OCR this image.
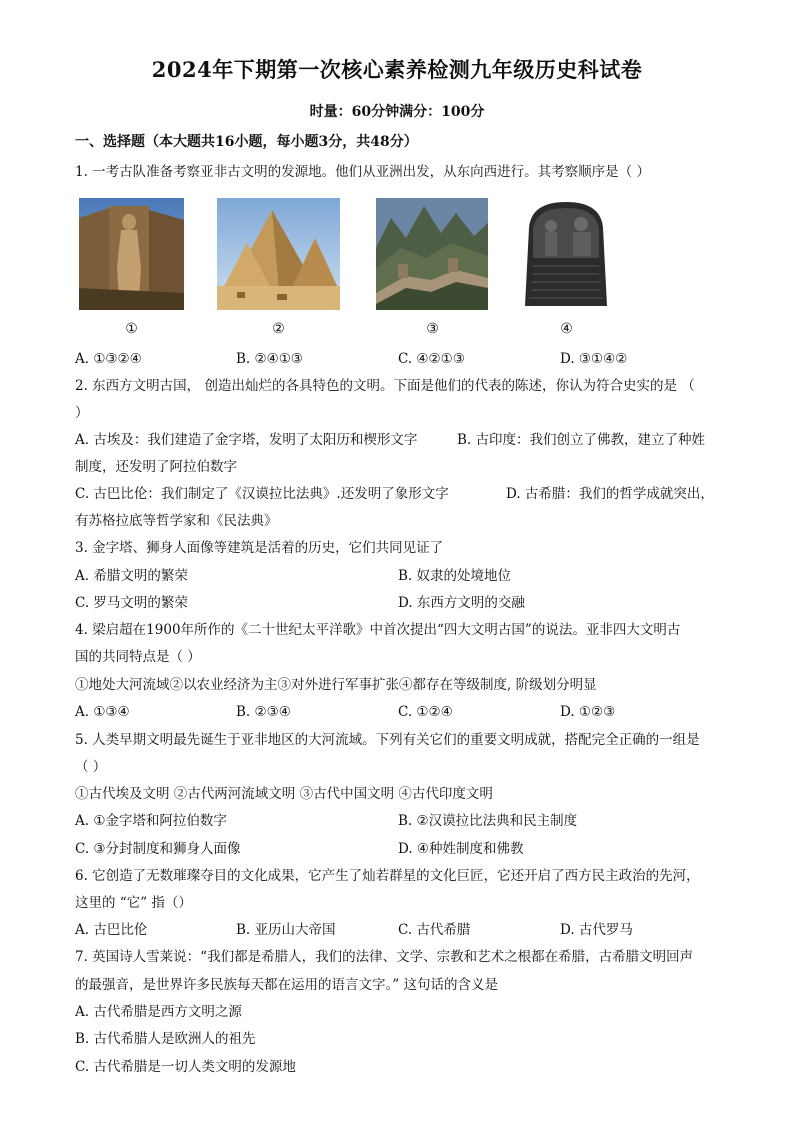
2024年下期第一次核心素养检测九年级历史科试卷
时量：60分钟满分：100分
一、选择题（本大题共16小题，每小题3分，共48分）
1. 一考古队准备考察亚非古文明的发源地。他们从亚洲出发，从东向西进行。其考察顺序是（ ）
①	②	③	④
A. ①③②④	B. ②④①③	C. ④②①③	D. ③①④②
2. 东西方文明古国， 创造出灿烂的各具特色的文明。下面是他们的代表的陈述，你认为符合史实的是 （
）
A. 古埃及：我们建造了金字塔，发明了太阳历和楔形文字	B. 古印度：我们创立了佛教，建立了种姓
制度，还发明了阿拉伯数字
C. 古巴比伦：我们制定了《汉谟拉比法典》.还发明了象形文字	D. 古希腊：我们的哲学成就突出，
有苏格拉底等哲学家和《民法典》
3. 金字塔、狮身人面像等建筑是活着的历史，它们共同见证了
A. 希腊文明的繁荣	B. 奴隶的处境地位
C. 罗马文明的繁荣	D. 东西方文明的交融
4. 梁启超在1900年所作的《二十世纪太平洋歌》中首次提出“四大文明古国”的说法。亚非四大文明古
国的共同特点是（ ）
①地处大河流域②以农业经济为主③对外进行军事扩张④都存在等级制度, 阶级划分明显
A. ①③④	B. ②③④	C. ①②④	D. ①②③
5. 人类早期文明最先诞生于亚非地区的大河流域。下列有关它们的重要文明成就，搭配完全正确的一组是
（ ）
①古代埃及文明 ②古代两河流域文明 ③古代中国文明 ④古代印度文明
A. ①金字塔和阿拉伯数字	B. ②汉谟拉比法典和民主制度
C. ③分封制度和狮身人面像	D. ④种姓制度和佛教
6. 它创造了无数璀璨夺目的文化成果，它产生了灿若群星的文化巨匠，它还开启了西方民主政治的先河，
这里的 “它” 指（）
A. 古巴比伦	B. 亚历山大帝国	C. 古代希腊	D. 古代罗马
7. 英国诗人雪莱说：“我们都是希腊人，我们的法律、文学、宗教和艺术之根都在希腊，古希腊文明回声
的最强音，是世界许多民族每天都在运用的语言文字。” 这句话的含义是
A. 古代希腊是西方文明之源
B. 古代希腊人是欧洲人的祖先
C. 古代希腊是一切人类文明的发源地
